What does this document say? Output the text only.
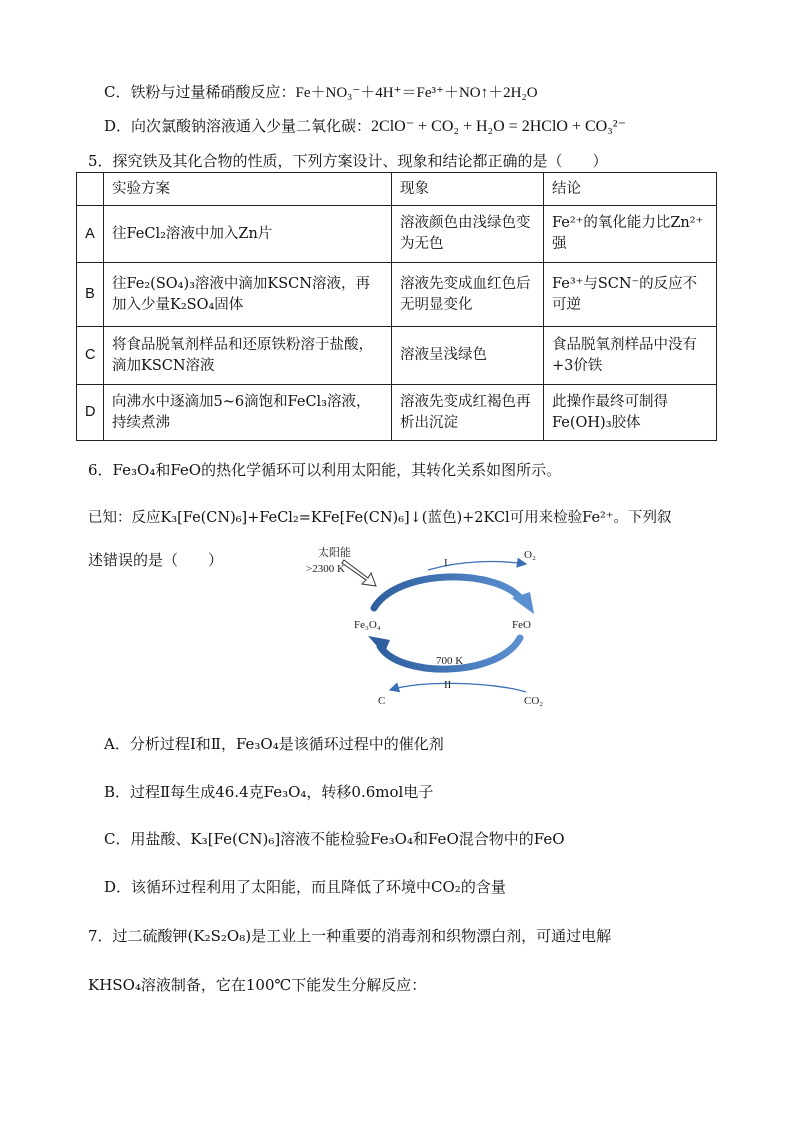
C．铁粉与过量稀硝酸反应：Fe＋NO₃⁻＋4H⁺＝Fe³⁺＋NO↑＋2H₂O
D．向次氯酸钠溶液通入少量二氧化碳：2ClO⁻ + CO₂ + H₂O = 2HClO + CO₃²⁻
5．探究铁及其化合物的性质，下列方案设计、现象和结论都正确的是（　　）
	实验方案	现象	结论
A	往FeCl₂溶液中加入Zn片	溶液颜色由浅绿色变为无色	Fe²⁺的氧化能力比Zn²⁺强
B	往Fe₂(SO₄)₃溶液中滴加KSCN溶液，再加入少量K₂SO₄固体	溶液先变成血红色后无明显变化	Fe³⁺与SCN⁻的反应不可逆
C	将食品脱氧剂样品和还原铁粉溶于盐酸，滴加KSCN溶液	溶液呈浅绿色	食品脱氧剂样品中没有+3价铁
D	向沸水中逐滴加5~6滴饱和FeCl₃溶液，持续煮沸	溶液先变成红褐色再析出沉淀	此操作最终可制得Fe(OH)₃胶体
6．Fe₃O₄和FeO的热化学循环可以利用太阳能，其转化关系如图所示。
已知：反应K₃[Fe(CN)₆]+FeCl₂=KFe[Fe(CN)₆]↓(蓝色)+2KCl可用来检验Fe²⁺。下列叙
述错误的是（　　）	太阳能
>2300 K	I
O₂
Fe₃O₄	FeO
700 K
II
C	CO₂
A．分析过程Ⅰ和Ⅱ，Fe₃O₄是该循环过程中的催化剂
B．过程Ⅱ每生成46.4克Fe₃O₄，转移0.6mol电子
C．用盐酸、K₃[Fe(CN)₆]溶液不能检验Fe₃O₄和FeO混合物中的FeO
D．该循环过程利用了太阳能，而且降低了环境中CO₂的含量
7．过二硫酸钾(K₂S₂O₈)是工业上一种重要的消毒剂和织物漂白剂，可通过电解
KHSO₄溶液制备，它在100℃下能发生分解反应：
